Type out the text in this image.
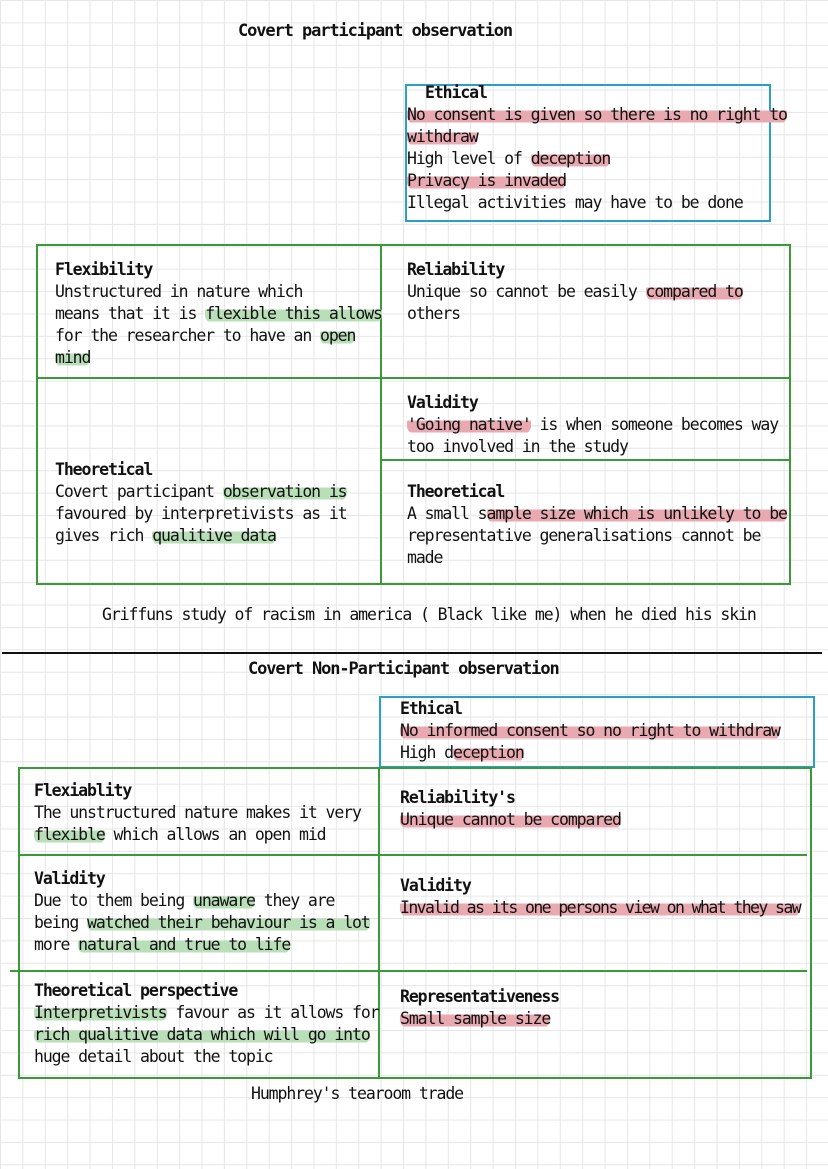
Covert participant observation
Ethical
No consent is given so there is no right to
withdraw
High level of deception
Privacy is invaded
Illegal activities may have to be done
Flexibility
Unstructured in nature which
means that it is flexible this allows
for the researcher to have an open
mind
Reliability
Unique so cannot be easily compared to
others
Validity
'Going native' is when someone becomes way
too involved in the study
Theoretical
Covert participant observation is
favoured by interpretivists as it
gives rich qualitive data
Theoretical
A small sample size which is unlikely to be
representative generalisations cannot be
made
Griffuns study of racism in america ( Black like me) when he died his skin
Covert Non-Participant observation
Ethical
No informed consent so no right to withdraw
High deception
Flexiablity
The unstructured nature makes it very
flexible which allows an open mid
Reliability's
Unique cannot be compared
Validity
Due to them being unaware they are
being watched their behaviour is a lot
more natural and true to life
Validity
Invalid as its one persons view on what they saw
Theoretical perspective
Interpretivists favour as it allows for
rich qualitive data which will go into
huge detail about the topic
Representativeness
Small sample size
Humphrey's tearoom trade
